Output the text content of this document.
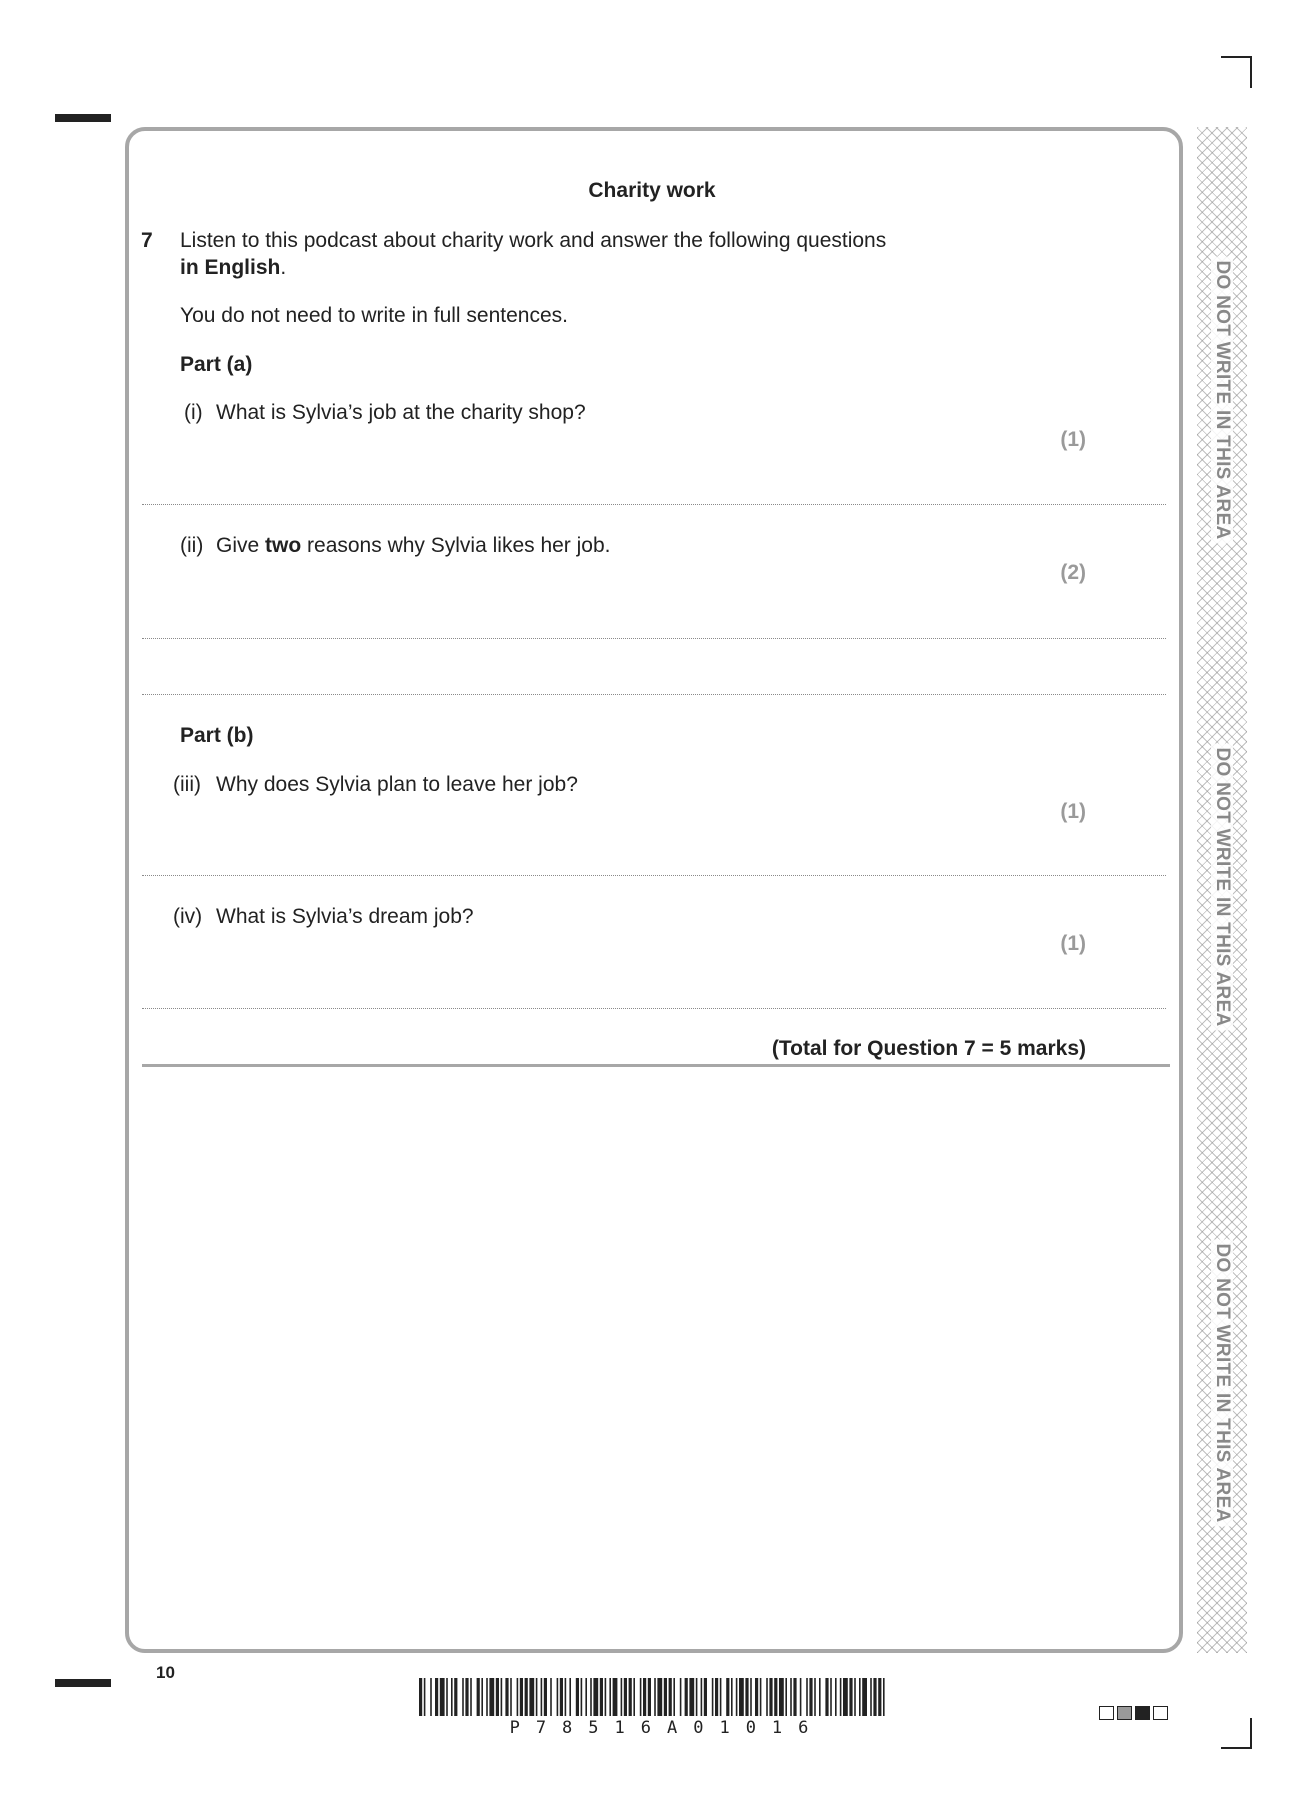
DO NOT WRITE IN THIS AREA
DO NOT WRITE IN THIS AREA
DO NOT WRITE IN THIS AREA
Charity work
7 Listen to this podcast about charity work and answer the following questions
in English.
You do not need to write in full sentences.
Part (a)
(i) What is Sylvia’s job at the charity shop?
(1)
(ii) Give two reasons why Sylvia likes her job.
(2)
Part (b)
(iii) Why does Sylvia plan to leave her job?
(1)
(iv) What is Sylvia’s dream job?
(1)
(Total for Question 7 = 5 marks)
10
P78516A01016
